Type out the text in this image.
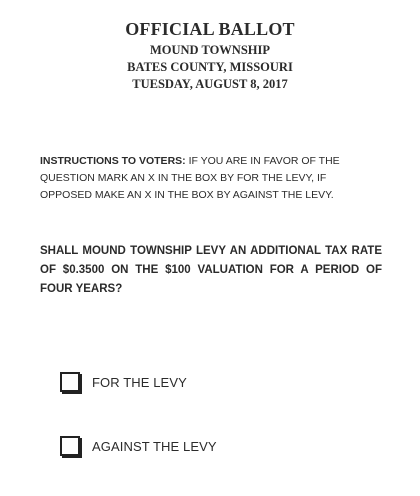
OFFICIAL BALLOT

MOUND TOWNSHIP

BATES COUNTY, MISSOURI

TUESDAY, AUGUST 8, 2017

INSTRUCTIONS TO VOTERS: IF YOU ARE IN FAVOR OF THE QUESTION MARK AN X IN THE BOX BY FOR THE LEVY, IF OPPOSED MAKE AN X IN THE BOX BY AGAINST THE LEVY.

SHALL MOUND TOWNSHIP LEVY AN ADDITIONAL TAX RATE OF $0.3500 ON THE $100 VALUATION FOR A PERIOD OF FOUR YEARS?

FOR THE LEVY
AGAINST THE LEVY
